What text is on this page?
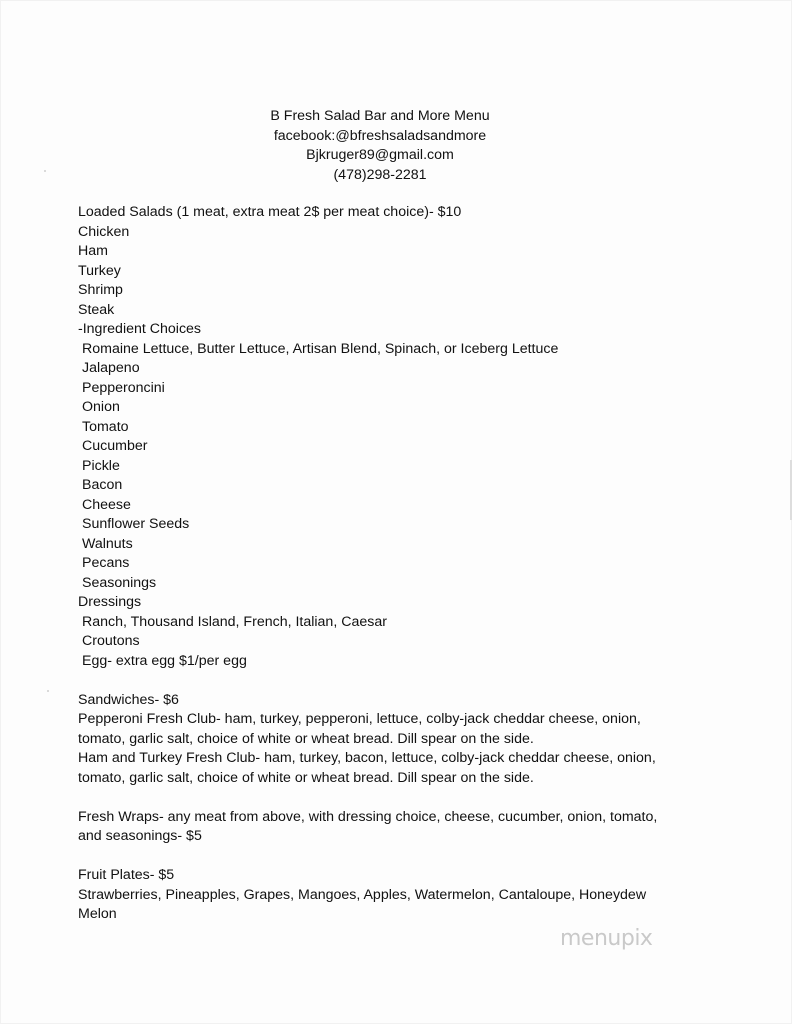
B Fresh Salad Bar and More Menu
facebook:@bfreshsaladsandmore
Bjkruger89@gmail.com
(478)298-2281
Loaded Salads (1 meat, extra meat 2$ per meat choice)- $10
Chicken
Ham
Turkey
Shrimp
Steak
-Ingredient Choices
Romaine Lettuce, Butter Lettuce, Artisan Blend, Spinach, or Iceberg Lettuce
Jalapeno
Pepperoncini
Onion
Tomato
Cucumber
Pickle
Bacon
Cheese
Sunflower Seeds
Walnuts
Pecans
Seasonings
Dressings
Ranch, Thousand Island, French, Italian, Caesar
Croutons
Egg- extra egg $1/per egg
Sandwiches- $6
Pepperoni Fresh Club- ham, turkey, pepperoni, lettuce, colby-jack cheddar cheese, onion,
tomato, garlic salt, choice of white or wheat bread. Dill spear on the side.
Ham and Turkey Fresh Club- ham, turkey, bacon, lettuce, colby-jack cheddar cheese, onion,
tomato, garlic salt, choice of white or wheat bread. Dill spear on the side.
Fresh Wraps- any meat from above, with dressing choice, cheese, cucumber, onion, tomato,
and seasonings- $5
Fruit Plates- $5
Strawberries, Pineapples, Grapes, Mangoes, Apples, Watermelon, Cantaloupe, Honeydew
Melon
menupix
